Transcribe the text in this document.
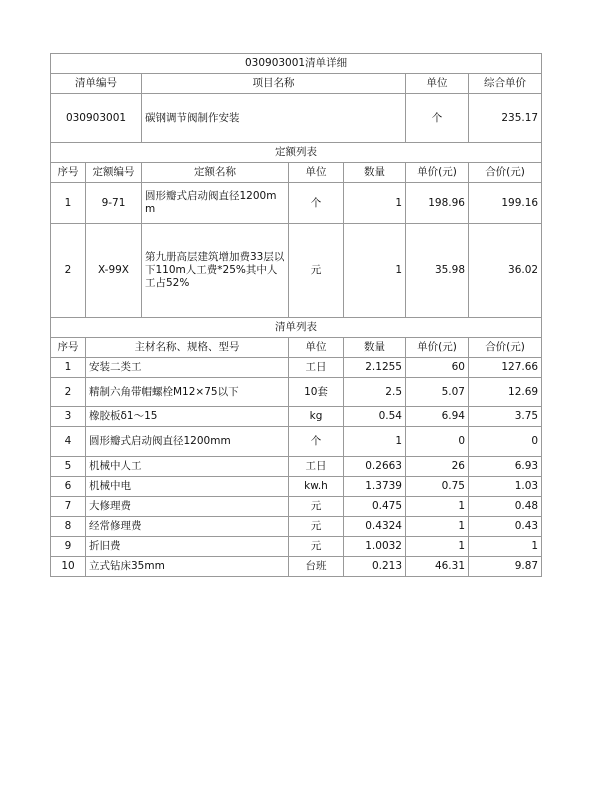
030903001清单详细						
清单编号		项目名称			单位	综合单价
030903001		碳钢调节阀制作安装			个	235.17
定额列表						
序号	定额编号	定额名称	单位	数量	单价(元)	合价(元)
1	9-71	圆形瓣式启动阀直径1200mm	个	1	198.96	199.16
2	X-99X	第九册高层建筑增加费33层以下110m人工费*25%其中人工占52%	元	1	35.98	36.02
清单列表						
序号	主材名称、规格、型号		单位	数量	单价(元)	合价(元)
1	安装二类工		工日	2.1255	60	127.66
2	精制六角带帽螺栓M12×75以下		10套	2.5	5.07	12.69
3	橡胶板δ1～15		kg	0.54	6.94	3.75
4	圆形瓣式启动阀直径1200mm		个	1	0	0
5	机械中人工		工日	0.2663	26	6.93
6	机械中电		kw.h	1.3739	0.75	1.03
7	大修理费		元	0.475	1	0.48
8	经常修理费		元	0.4324	1	0.43
9	折旧费		元	1.0032	1	1
10	立式钻床35mm		台班	0.213	46.31	9.87
